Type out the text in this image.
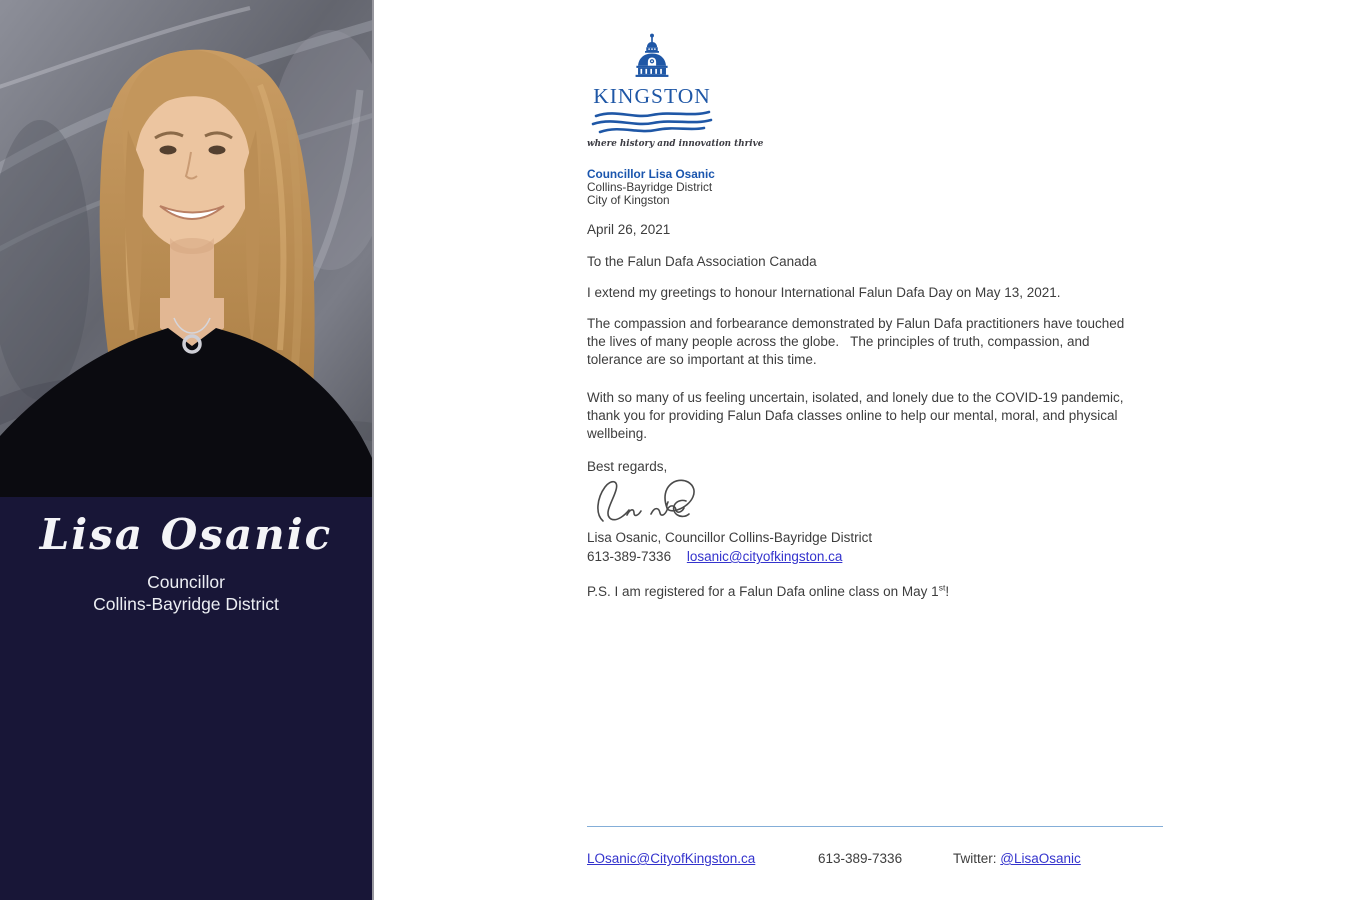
Lisa Osanic
Councillor
Collins-Bayridge District
KINGSTON
where history and innovation thrive
Councillor Lisa Osanic
Collins-Bayridge District
City of Kingston
April 26, 2021
To the Falun Dafa Association Canada
I extend my greetings to honour International Falun Dafa Day on May 13, 2021.
The compassion and forbearance demonstrated by Falun Dafa practitioners have touched the lives of many people across the globe.   The principles of truth, compassion, and tolerance are so important at this time.
With so many of us feeling uncertain, isolated, and lonely due to the COVID-19 pandemic, thank you for providing Falun Dafa classes online to help our mental, moral, and physical wellbeing.
Best regards,
Lisa Osanic, Councillor Collins-Bayridge District
613-389-7336 losanic@cityofkingston.ca
P.S. I am registered for a Falun Dafa online class on May 1st!
LOsanic@CityofKingston.ca	613-389-7336	Twitter: @LisaOsanic
